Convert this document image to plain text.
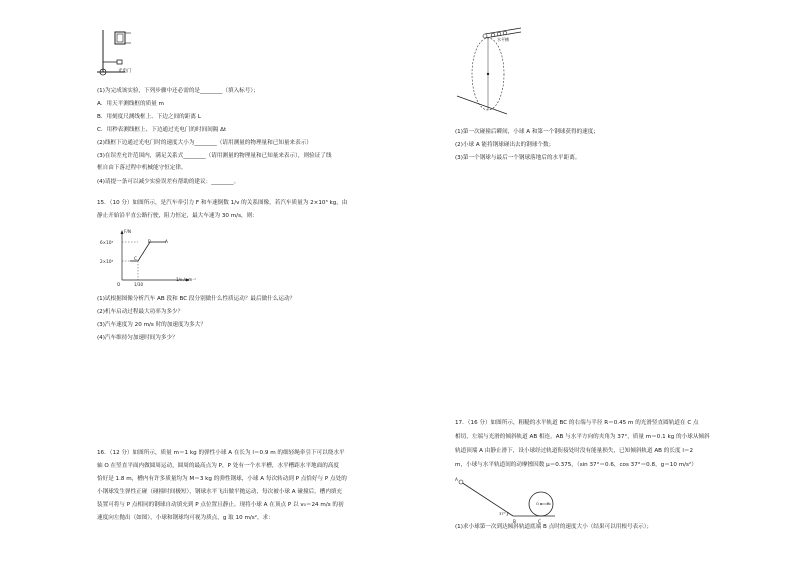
光电门
(1)为完成该实验，下列步骤中还必需的是________（填入标号）；
A．用天平测线框的质量 m
B．用刻度尺测线框上、下边之间的距离 L
C．用秒表测线框上、下边通过光电门的时间间隔 Δt
(2)线框下边通过光电门时的速度大小为________（请用测量的物理量和已知量来表示）
(3)在误差允许范围内，满足关系式________（请用测量的物理量和已知量来表示），则验证了线
框自由下落过程中机械能守恒定律。
(4)请提一条可以减少实验误差有帮助的建议：________。
15．（10 分）如图所示，是汽车牵引力 F 和车速倒数 1/v 的关系图像，若汽车质量为 2×10³ kg，由
静止开始沿平直公路行驶，阻力恒定，最大车速为 30 m/s，则：
F/N
6×10³
2×10³
A
B
C
O	1/30
1/v /s·m⁻¹
(1)试根据图像分析汽车 AB 段和 BC 段分别做什么性质运动？最后做什么运动？
(2)机车启动过程最大功率为多少？
(3)汽车速度为 20 m/s 时的加速度为多大？
(4)汽车维持匀加速时间为多少？
16．（12 分）如图所示，质量 m＝1 kg 的弹性小球 A 在长为 l＝0.9 m 的细轻绳牵引下可以绕水平
轴 O 在竖直平面内做圆周运动，圆周的最高点为 P，P 处有一个水平槽，水平槽距水平地面的高度
恰好是 1.8 m，槽内有许多质量均为 M＝3 kg 的弹性钢球，小球 A 每次转动到 P 点恰好与 P 点处的
小钢球发生弹性正碰（碰撞时间极短），钢球水平飞出做平抛运动，每次被小球 A 碰撞后，槽内填充
装置可将与 P 点相同的钢球自动填充到 P 点位置且静止。现将小球 A 在顶点 P 以 v₀＝24 m/s 的初
速度向左抛出（如图），小球和钢球均可视为质点，g 取 10 m/s²，求：
水平槽
(1)第一次碰撞后瞬间，小球 A 和第一个钢球获得的速度；
(2)小球 A 能将钢球碰出去的钢球个数；
(3)第一个钢球与最后一个钢球落地后的水平距离。
17．（16 分）如图所示，粗糙的水平轨道 BC 的右端与半径 R＝0.45 m 的光滑竖直圆轨道在 C 点
相切，左端与光滑的倾斜轨道 AB 相连，AB 与水平方向的夹角为 37°，质量 m＝0.1 kg 的小球从倾斜
轨道顶端 A 由静止滑下，设小球经过轨道衔接处时没有能量损失，已知倾斜轨道 AB 的长度 l＝2
m，小球与水平轨道间的动摩擦因数 μ＝0.375，（sin 37°＝0.6，cos 37°＝0.8，g＝10 m/s²）
A
B	C
37°
O R
(1)求小球第一次到达倾斜轨道底端 B 点时的速度大小（结果可以用根号表示）；
